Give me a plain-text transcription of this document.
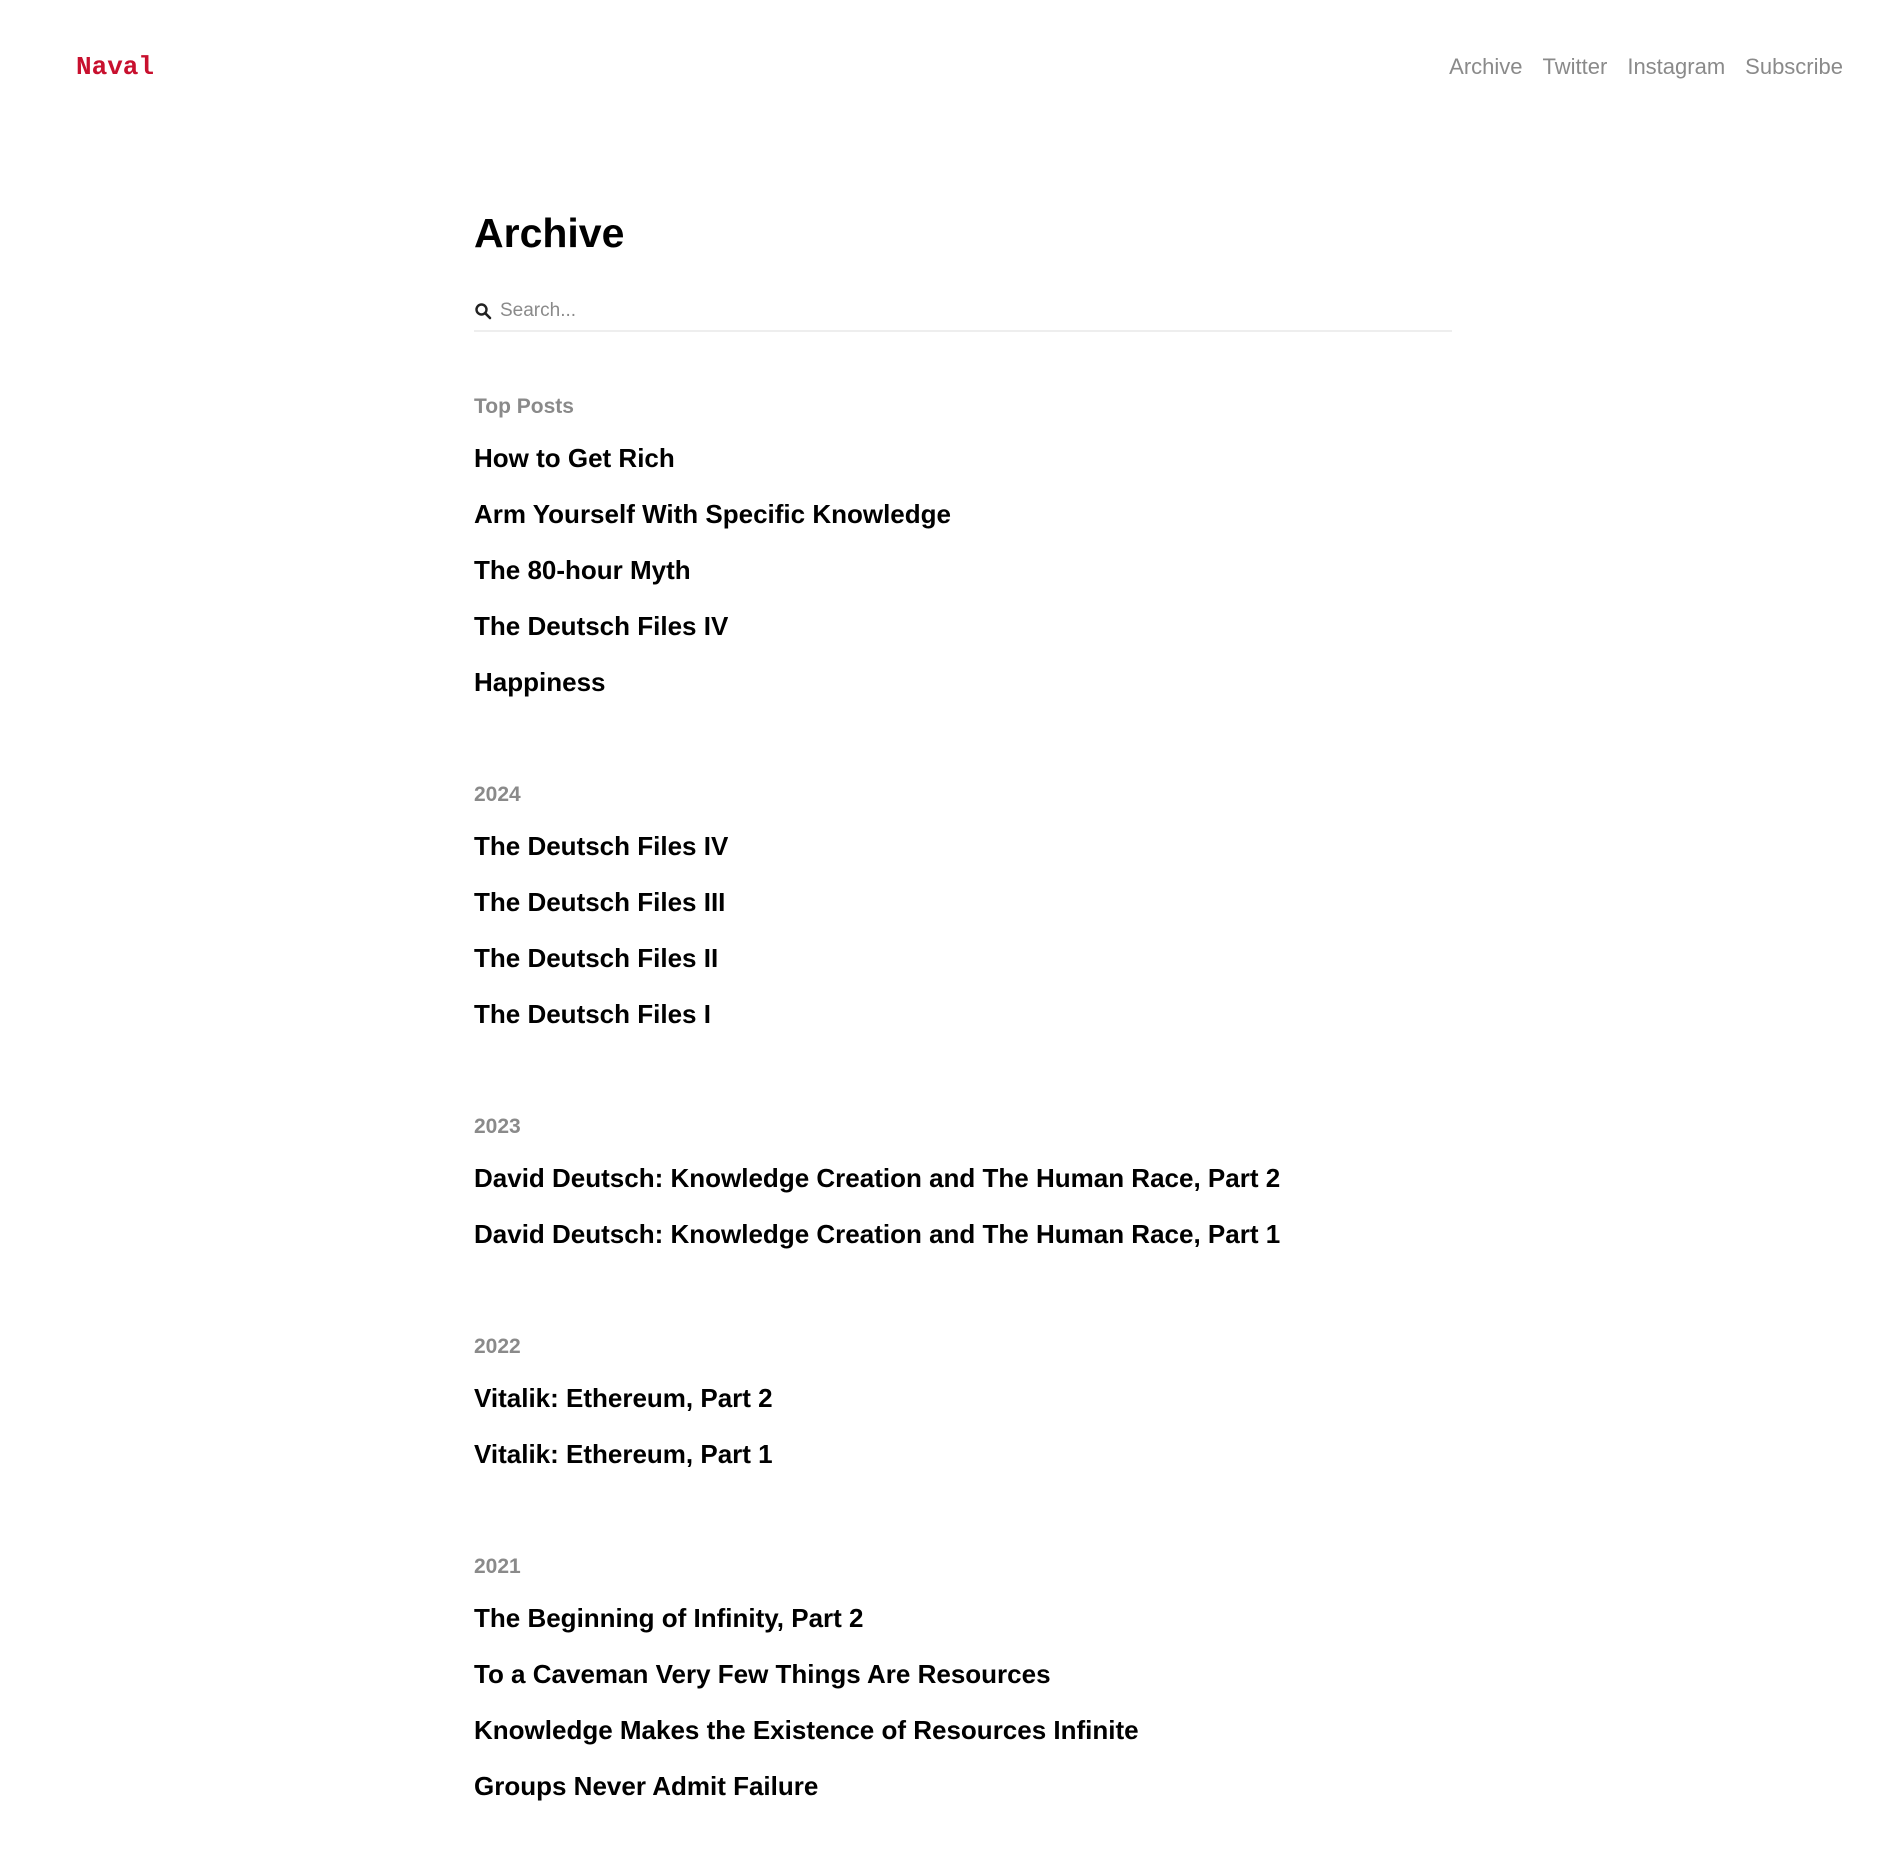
Naval	Archive Twitter Instagram Subscribe
Archive
Search...
Top Posts
How to Get Rich
Arm Yourself With Specific Knowledge
The 80-hour Myth
The Deutsch Files IV
Happiness
2024
The Deutsch Files IV
The Deutsch Files III
The Deutsch Files II
The Deutsch Files I
2023
David Deutsch: Knowledge Creation and The Human Race, Part 2
David Deutsch: Knowledge Creation and The Human Race, Part 1
2022
Vitalik: Ethereum, Part 2
Vitalik: Ethereum, Part 1
2021
The Beginning of Infinity, Part 2
To a Caveman Very Few Things Are Resources
Knowledge Makes the Existence of Resources Infinite
Groups Never Admit Failure
